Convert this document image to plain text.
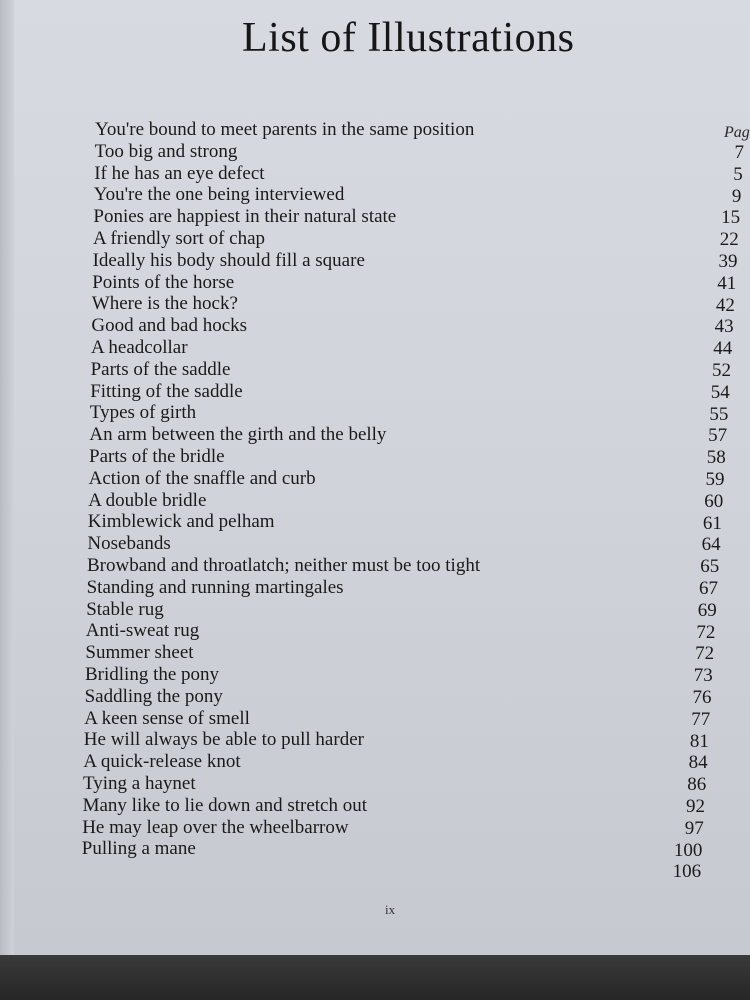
List of Illustrations
Pag
You're bound to meet parents in the same position
Too big and strong
If he has an eye defect
You're the one being interviewed
Ponies are happiest in their natural state
A friendly sort of chap
Ideally his body should fill a square
Points of the horse
Where is the hock?
Good and bad hocks
A headcollar
Parts of the saddle
Fitting of the saddle
Types of girth
An arm between the girth and the belly
Parts of the bridle
Action of the snaffle and curb
A double bridle
Kimblewick and pelham
Nosebands
Browband and throatlatch; neither must be too tight
Standing and running martingales
Stable rug
Anti-sweat rug
Summer sheet
Bridling the pony
Saddling the pony
A keen sense of smell
He will always be able to pull harder
A quick-release knot
Tying a haynet
Many like to lie down and stretch out
He may leap over the wheelbarrow
Pulling a mane
7
5
9
15
22
39
41
42
43
44
52
54
55
57
58
59
60
61
64
65
67
69
72
72
73
76
77
81
84
86
92
97
100
106
ix
